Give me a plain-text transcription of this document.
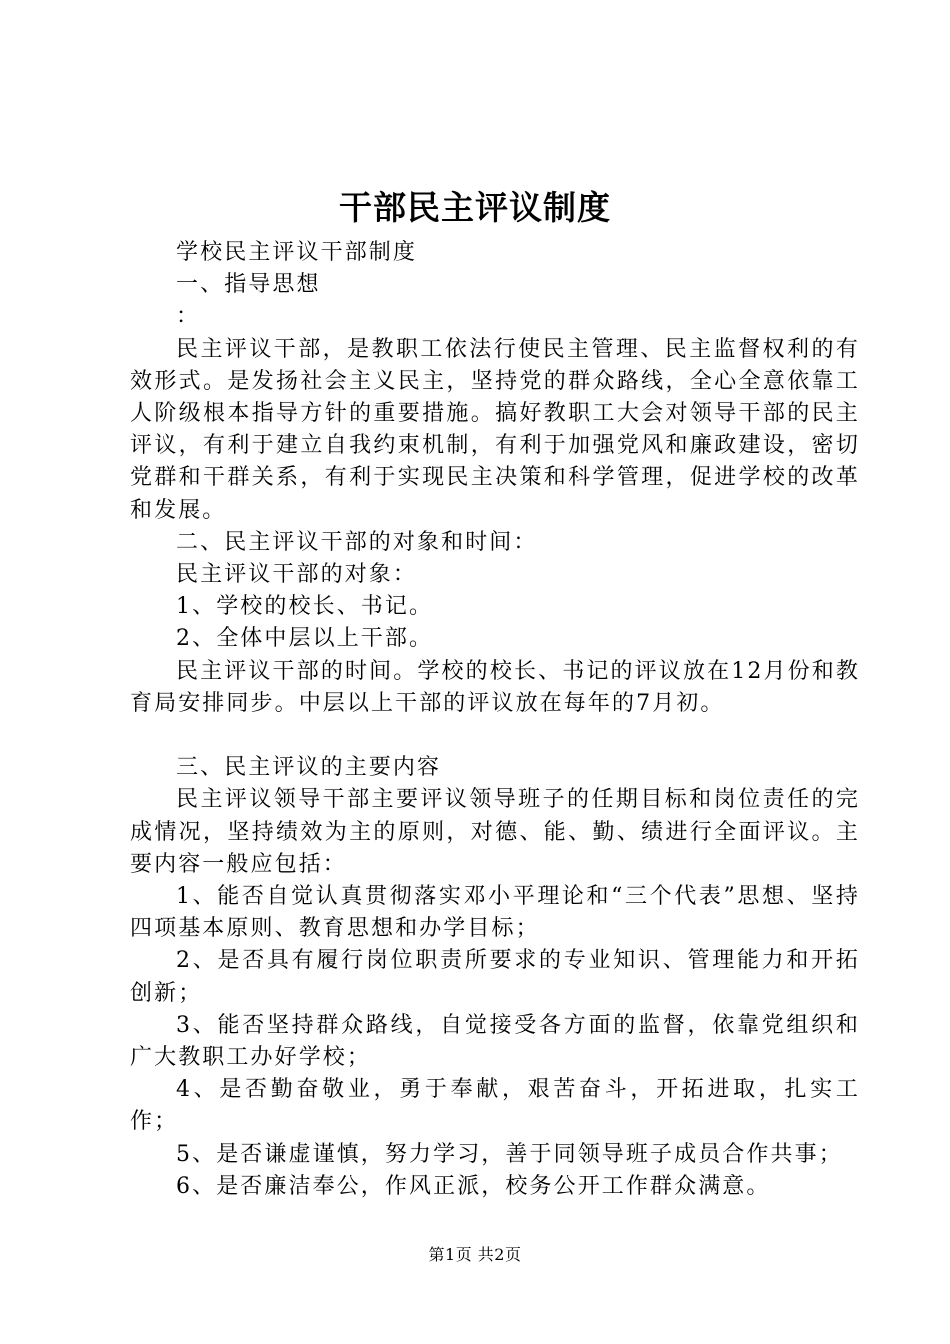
干部民主评议制度

学校民主评议干部制度

一、指导思想

：

民主评议干部，是教职工依法行使民主管理、民主监督权利的有效形式。是发扬社会主义民主，坚持党的群众路线，全心全意依靠工人阶级根本指导方针的重要措施。搞好教职工大会对领导干部的民主评议，有利于建立自我约束机制，有利于加强党风和廉政建设，密切党群和干群关系，有利于实现民主决策和科学管理，促进学校的改革和发展。

二、民主评议干部的对象和时间：

民主评议干部的对象：

1、学校的校长、书记。

2、全体中层以上干部。

民主评议干部的时间。学校的校长、书记的评议放在12月份和教育局安排同步。中层以上干部的评议放在每年的7月初。

三、民主评议的主要内容

民主评议领导干部主要评议领导班子的任期目标和岗位责任的完成情况，坚持绩效为主的原则，对德、能、勤、绩进行全面评议。主要内容一般应包括：

1、能否自觉认真贯彻落实邓小平理论和“三个代表”思想、坚持四项基本原则、教育思想和办学目标；

2、是否具有履行岗位职责所要求的专业知识、管理能力和开拓创新；

3、能否坚持群众路线，自觉接受各方面的监督，依靠党组织和广大教职工办好学校；

4、是否勤奋敬业，勇于奉献，艰苦奋斗，开拓进取，扎实工作；

5、是否谦虚谨慎，努力学习，善于同领导班子成员合作共事；

6、是否廉洁奉公，作风正派，校务公开工作群众满意。

第1页 共2页
